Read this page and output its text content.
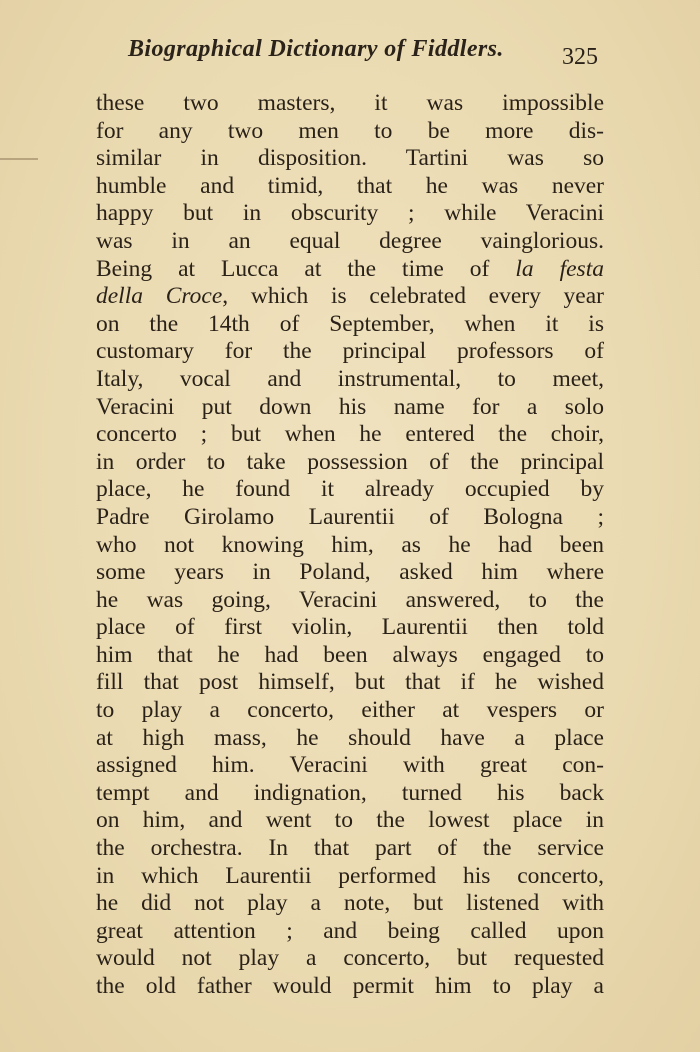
Biographical Dictionary of Fiddlers. 325
these two masters, it was impossible
for any two men to be more dis-
similar in disposition. Tartini was so
humble and timid, that he was never
happy but in obscurity ; while Veracini
was in an equal degree vainglorious.
Being at Lucca at the time of la festa
della Croce, which is celebrated every year
on the 14th of September, when it is
customary for the principal professors of
Italy, vocal and instrumental, to meet,
Veracini put down his name for a solo
concerto ; but when he entered the choir,
in order to take possession of the principal
place, he found it already occupied by
Padre Girolamo Laurentii of Bologna ;
who not knowing him, as he had been
some years in Poland, asked him where
he was going, Veracini answered, to the
place of first violin, Laurentii then told
him that he had been always engaged to
fill that post himself, but that if he wished
to play a concerto, either at vespers or
at high mass, he should have a place
assigned him. Veracini with great con-
tempt and indignation, turned his back
on him, and went to the lowest place in
the orchestra. In that part of the service
in which Laurentii performed his concerto,
he did not play a note, but listened with
great attention ; and being called upon
would not play a concerto, but requested
the old father would permit him to play a
